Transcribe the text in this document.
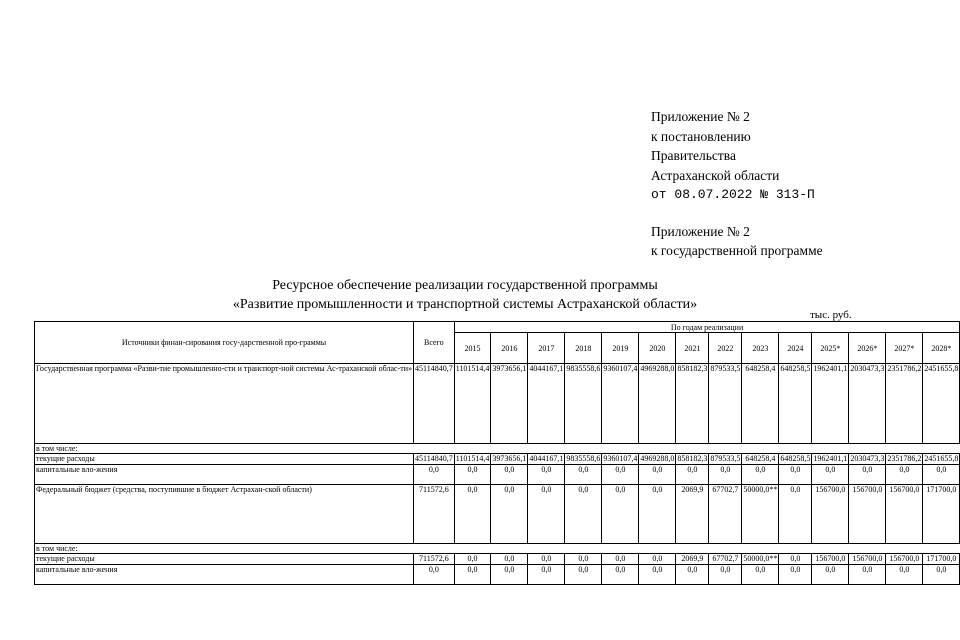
Приложение № 2
к постановлению
Правительства
Астраханской области
от 08.07.2022 № 313-П
Приложение № 2
к государственной программе
Ресурсное обеспечение реализации государственной программы
«Развитие промышленности и транспортной системы Астраханской области»
тыс. руб.
Источники финан-сирования госу-дарственной про-граммы	Всего	По годам реализации													
		2015	2016	2017	2018	2019	2020	2021	2022	2023	2024	2025*	2026*	2027*	2028*
Государственная программа «Разви-тие промышленно-сти и транспорт-ной системы Ас-траханской облас-ти»	45114840,7	1101514,4	3973656,1	4044167,1	9835558,6	9360107,4	4969288,0	858182,3	879533,5	648258,4	648258,5	1962401,1	2030473,3	2351786,2	2451655,8
в том числе:															
текущие расходы	45114840,7	1101514,4	3973656,1	4044167,1	9835558,6	9360107,4	4969288,0	858182,3	879533,5	648258,4	648258,5	1962401,1	2030473,3	2351786,2	2451655,8
капитальные вло-жения	0,0	0,0	0,0	0,0	0,0	0,0	0,0	0,0	0,0	0,0	0,0	0,0	0,0	0,0	0,0
Федеральный бюджет (средства, поступившие в бюджет Астрахан-ской области)	711572,6	0,0	0,0	0,0	0,0	0,0	0,0	2069,9	67702,7	50000,0**	0,0	156700,0	156700,0	156700,0	171700,0
в том числе:															
текущие расходы	711572,6	0,0	0,0	0,0	0,0	0,0	0,0	2069,9	67702,7	50000,0**	0,0	156700,0	156700,0	156700,0	171700,0
капитальные вло-жения	0,0	0,0	0,0	0,0	0,0	0,0	0,0	0,0	0,0	0,0	0,0	0,0	0,0	0,0	0,0
